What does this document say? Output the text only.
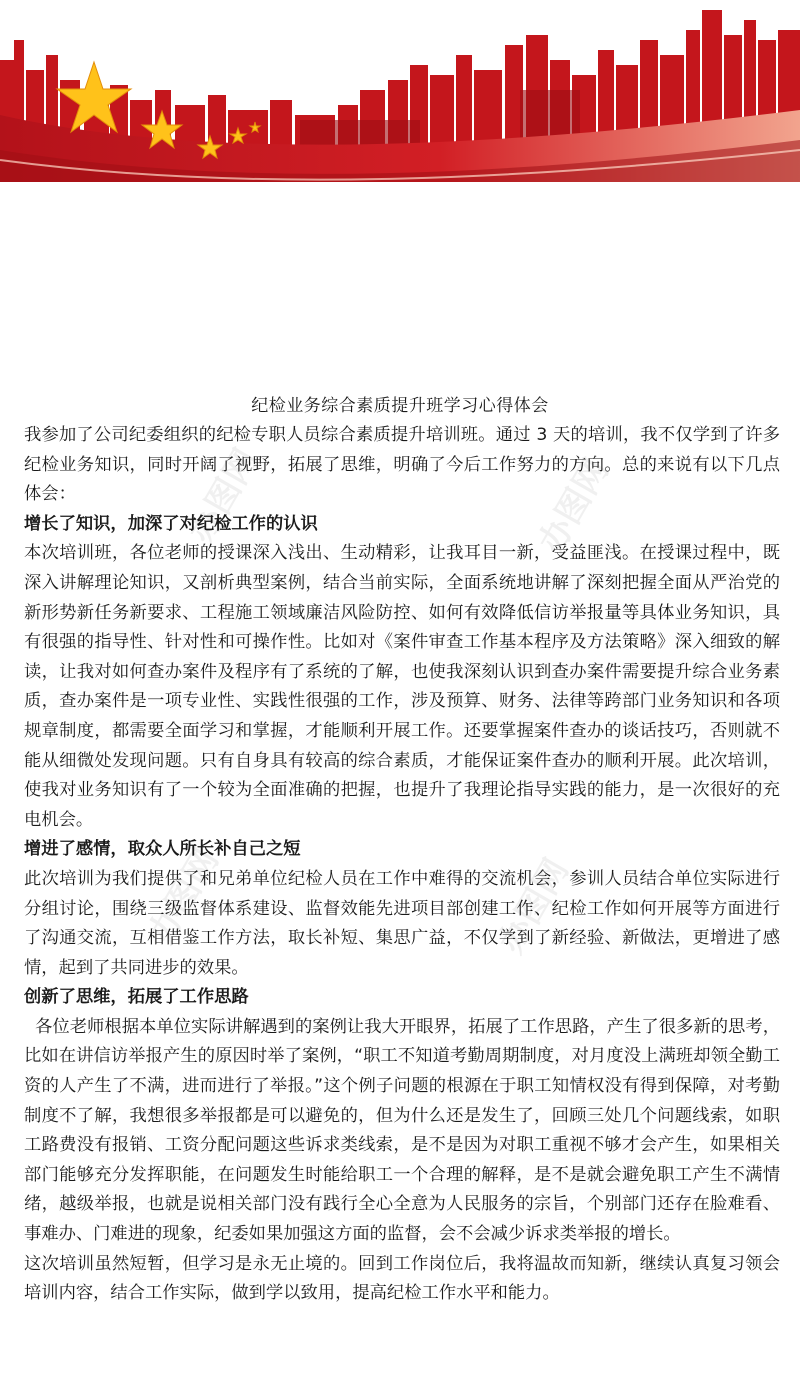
办图网	办图网
办图网	办图网
纪检业务综合素质提升班学习心得体会

我参加了公司纪委组织的纪检专职人员综合素质提升培训班。通过 3 天的培训，我不仅学到了许多纪检业务知识，同时开阔了视野，拓展了思维，明确了今后工作努力的方向。总的来说有以下几点体会：

增长了知识，加深了对纪检工作的认识

本次培训班，各位老师的授课深入浅出、生动精彩，让我耳目一新，受益匪浅。在授课过程中，既深入讲解理论知识，又剖析典型案例，结合当前实际，全面系统地讲解了深刻把握全面从严治党的新形势新任务新要求、工程施工领域廉洁风险防控、如何有效降低信访举报量等具体业务知识，具有很强的指导性、针对性和可操作性。比如对《案件审查工作基本程序及方法策略》深入细致的解读，让我对如何查办案件及程序有了系统的了解，也使我深刻认识到查办案件需要提升综合业务素质，查办案件是一项专业性、实践性很强的工作，涉及预算、财务、法律等跨部门业务知识和各项规章制度，都需要全面学习和掌握，才能顺利开展工作。还要掌握案件查办的谈话技巧，否则就不能从细微处发现问题。只有自身具有较高的综合素质，才能保证案件查办的顺利开展。此次培训，使我对业务知识有了一个较为全面准确的把握，也提升了我理论指导实践的能力，是一次很好的充电机会。

增进了感情，取众人所长补自己之短

此次培训为我们提供了和兄弟单位纪检人员在工作中难得的交流机会，参训人员结合单位实际进行分组讨论，围绕三级监督体系建设、监督效能先进项目部创建工作、纪检工作如何开展等方面进行了沟通交流，互相借鉴工作方法，取长补短、集思广益，不仅学到了新经验、新做法，更增进了感情，起到了共同进步的效果。

创新了思维，拓展了工作思路

各位老师根据本单位实际讲解遇到的案例让我大开眼界，拓展了工作思路，产生了很多新的思考，比如在讲信访举报产生的原因时举了案例，“职工不知道考勤周期制度，对月度没上满班却领全勤工资的人产生了不满，进而进行了举报。”这个例子问题的根源在于职工知情权没有得到保障，对考勤制度不了解，我想很多举报都是可以避免的，但为什么还是发生了，回顾三处几个问题线索，如职工路费没有报销、工资分配问题这些诉求类线索，是不是因为对职工重视不够才会产生，如果相关部门能够充分发挥职能，在问题发生时能给职工一个合理的解释，是不是就会避免职工产生不满情绪，越级举报，也就是说相关部门没有践行全心全意为人民服务的宗旨，个别部门还存在脸难看、事难办、门难进的现象，纪委如果加强这方面的监督，会不会减少诉求类举报的增长。

这次培训虽然短暂，但学习是永无止境的。回到工作岗位后，我将温故而知新，继续认真复习领会培训内容，结合工作实际，做到学以致用，提高纪检工作水平和能力。
